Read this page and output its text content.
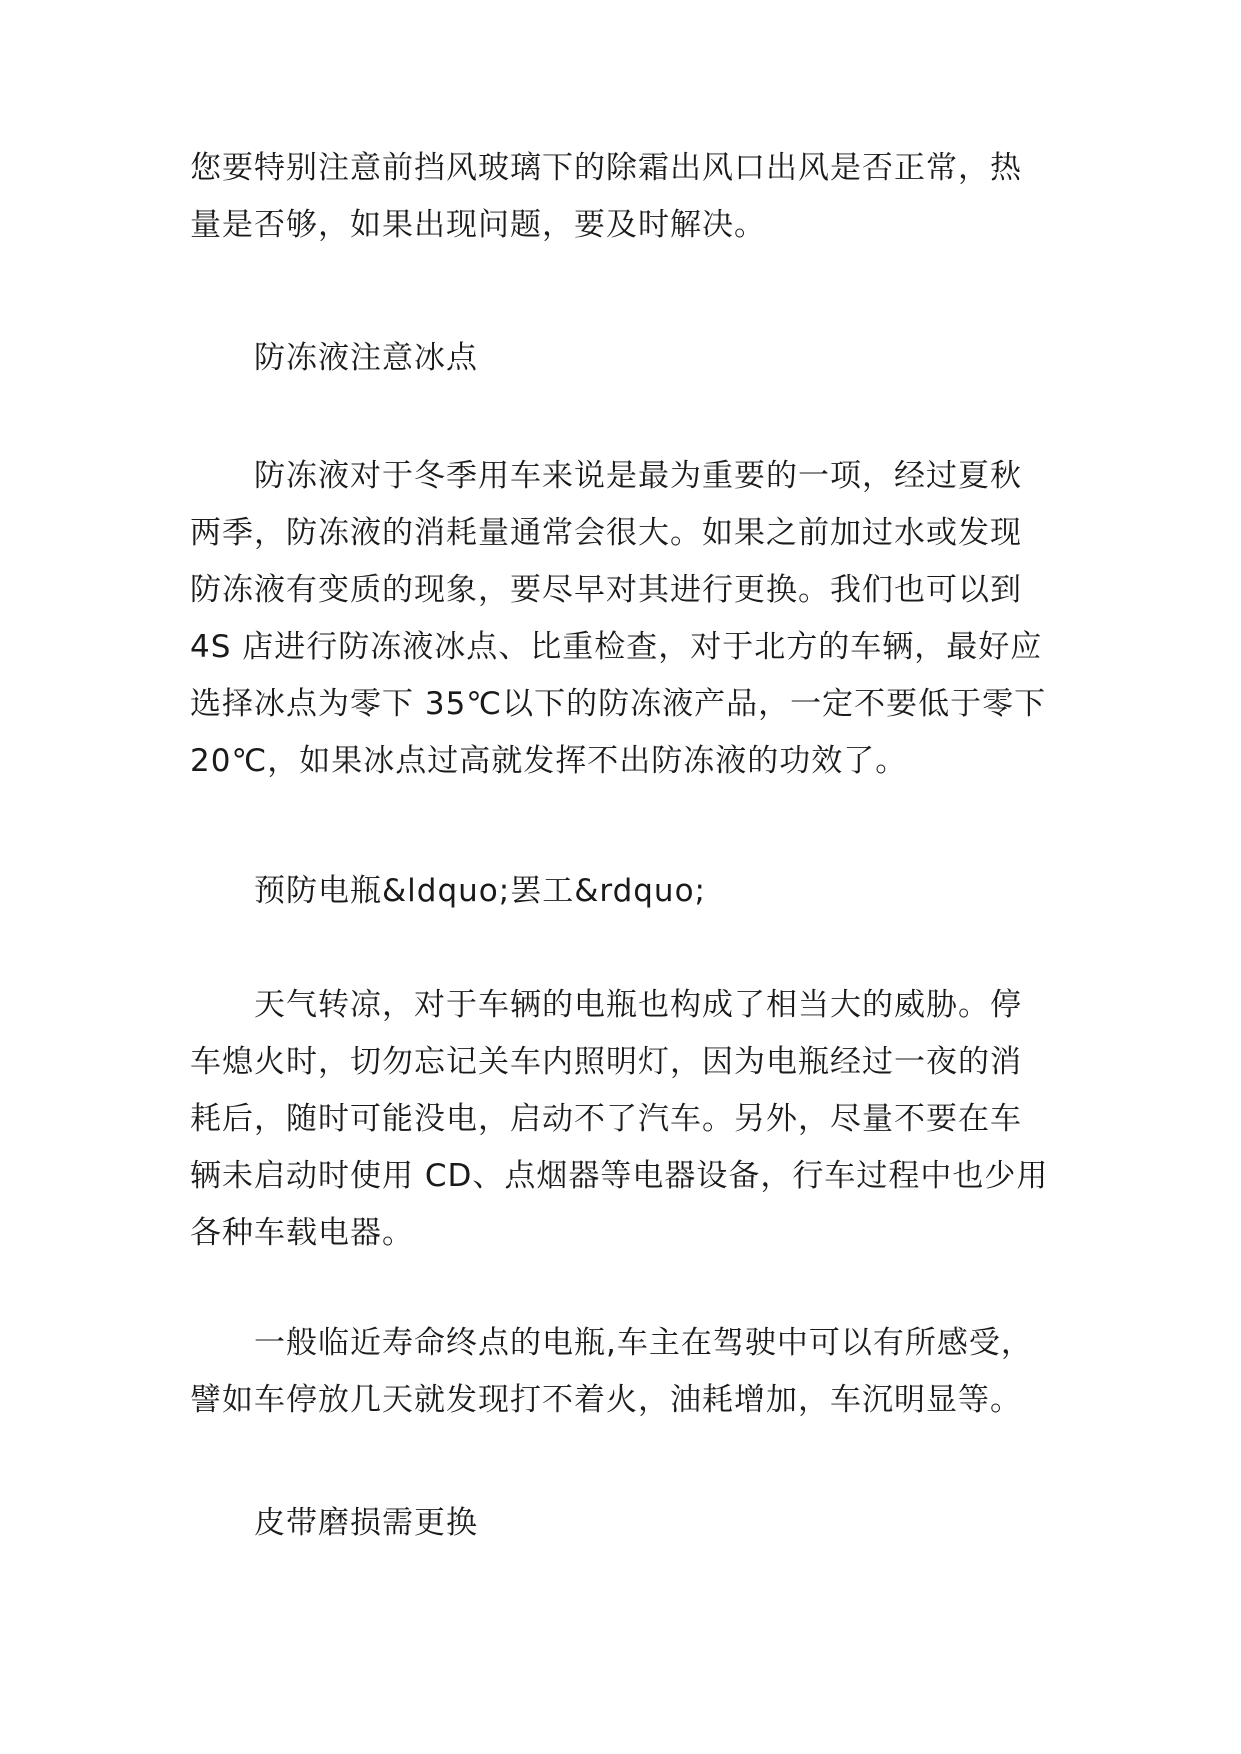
您要特别注意前挡风玻璃下的除霜出风口出风是否正常，热
量是否够，如果出现问题，要及时解决。

防冻液注意冰点

防冻液对于冬季用车来说是最为重要的一项，经过夏秋
两季，防冻液的消耗量通常会很大。如果之前加过水或发现
防冻液有变质的现象，要尽早对其进行更换。我们也可以到
4S 店进行防冻液冰点、比重检查，对于北方的车辆，最好应
选择冰点为零下 35℃以下的防冻液产品，一定不要低于零下
20℃，如果冰点过高就发挥不出防冻液的功效了。

预防电瓶&ldquo;罢工&rdquo;

天气转凉，对于车辆的电瓶也构成了相当大的威胁。停
车熄火时，切勿忘记关车内照明灯，因为电瓶经过一夜的消
耗后，随时可能没电，启动不了汽车。另外，尽量不要在车
辆未启动时使用 CD、点烟器等电器设备，行车过程中也少用
各种车载电器。

一般临近寿命终点的电瓶,车主在驾驶中可以有所感受，
譬如车停放几天就发现打不着火，油耗增加，车沉明显等。

皮带磨损需更换
